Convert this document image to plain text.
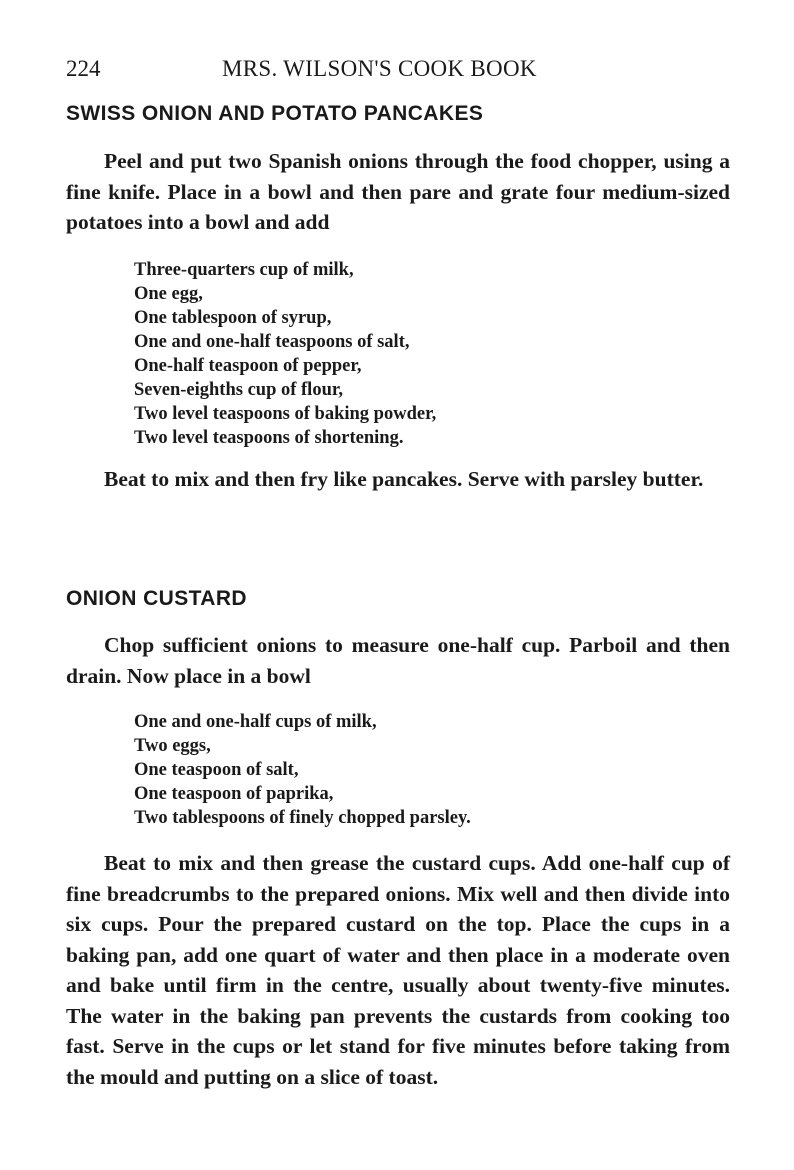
224	MRS. WILSON'S COOK BOOK
SWISS ONION AND POTATO PANCAKES

Peel and put two Spanish onions through the food chopper, using a fine knife. Place in a bowl and then pare and grate four medium-sized potatoes into a bowl and add

Three-quarters cup of milk,
One egg,
One tablespoon of syrup,
One and one-half teaspoons of salt,
One-half teaspoon of pepper,
Seven-eighths cup of flour,
Two level teaspoons of baking powder,
Two level teaspoons of shortening.

Beat to mix and then fry like pancakes. Serve with parsley butter.

ONION CUSTARD

Chop sufficient onions to measure one-half cup. Parboil and then drain. Now place in a bowl

One and one-half cups of milk,
Two eggs,
One teaspoon of salt,
One teaspoon of paprika,
Two tablespoons of finely chopped parsley.

Beat to mix and then grease the custard cups. Add one-half cup of fine breadcrumbs to the prepared onions. Mix well and then divide into six cups. Pour the prepared custard on the top. Place the cups in a baking pan, add one quart of water and then place in a moderate oven and bake until firm in the centre, usually about twenty-five minutes. The water in the baking pan prevents the custards from cooking too fast. Serve in the cups or let stand for five minutes before taking from the mould and putting on a slice of toast.
